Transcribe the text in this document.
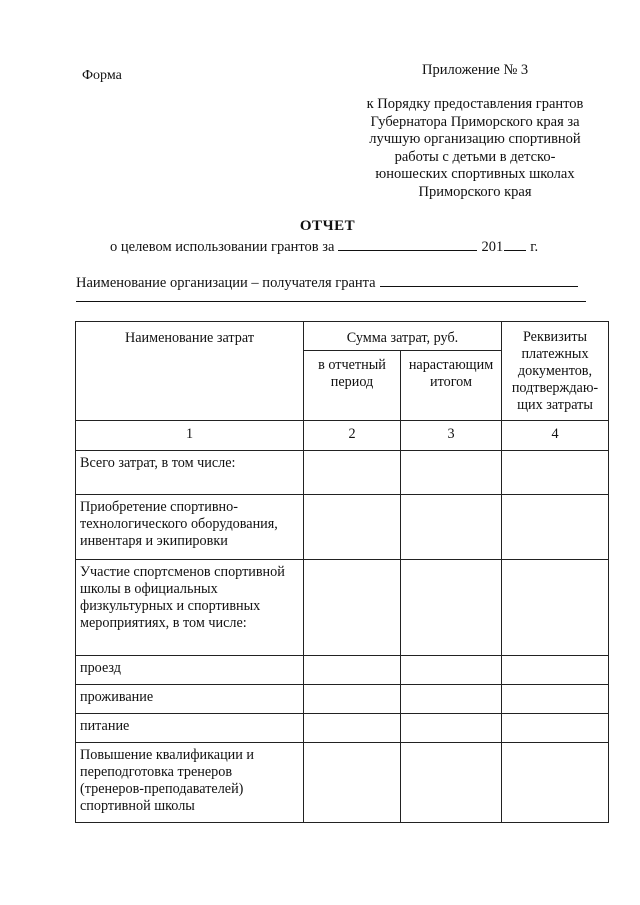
Форма	Приложение № 3
к Порядку предоставления грантов
Губернатора Приморского края за
лучшую организацию спортивной
работы с детьми в детско-
юношеских спортивных школах
Приморского края
ОТЧЕТ
о целевом использовании грантов за	201 г.
Наименование организации – получателя гранта
Наименование затрат	Сумма затрат, руб.		Реквизиты платежных документов, подтверждаю-щих затраты
	в отчетный период	нарастающим итогом	
1	2	3	4
Всего затрат, в том числе:			
Приобретение спортивно-технологического оборудования, инвентаря и экипировки			
Участие спортсменов спортивной школы в официальных физкультурных и спортивных мероприятиях, в том числе:			
проезд			
проживание			
питание			
Повышение квалификации и переподготовка тренеров (тренеров-преподавателей) спортивной школы			
